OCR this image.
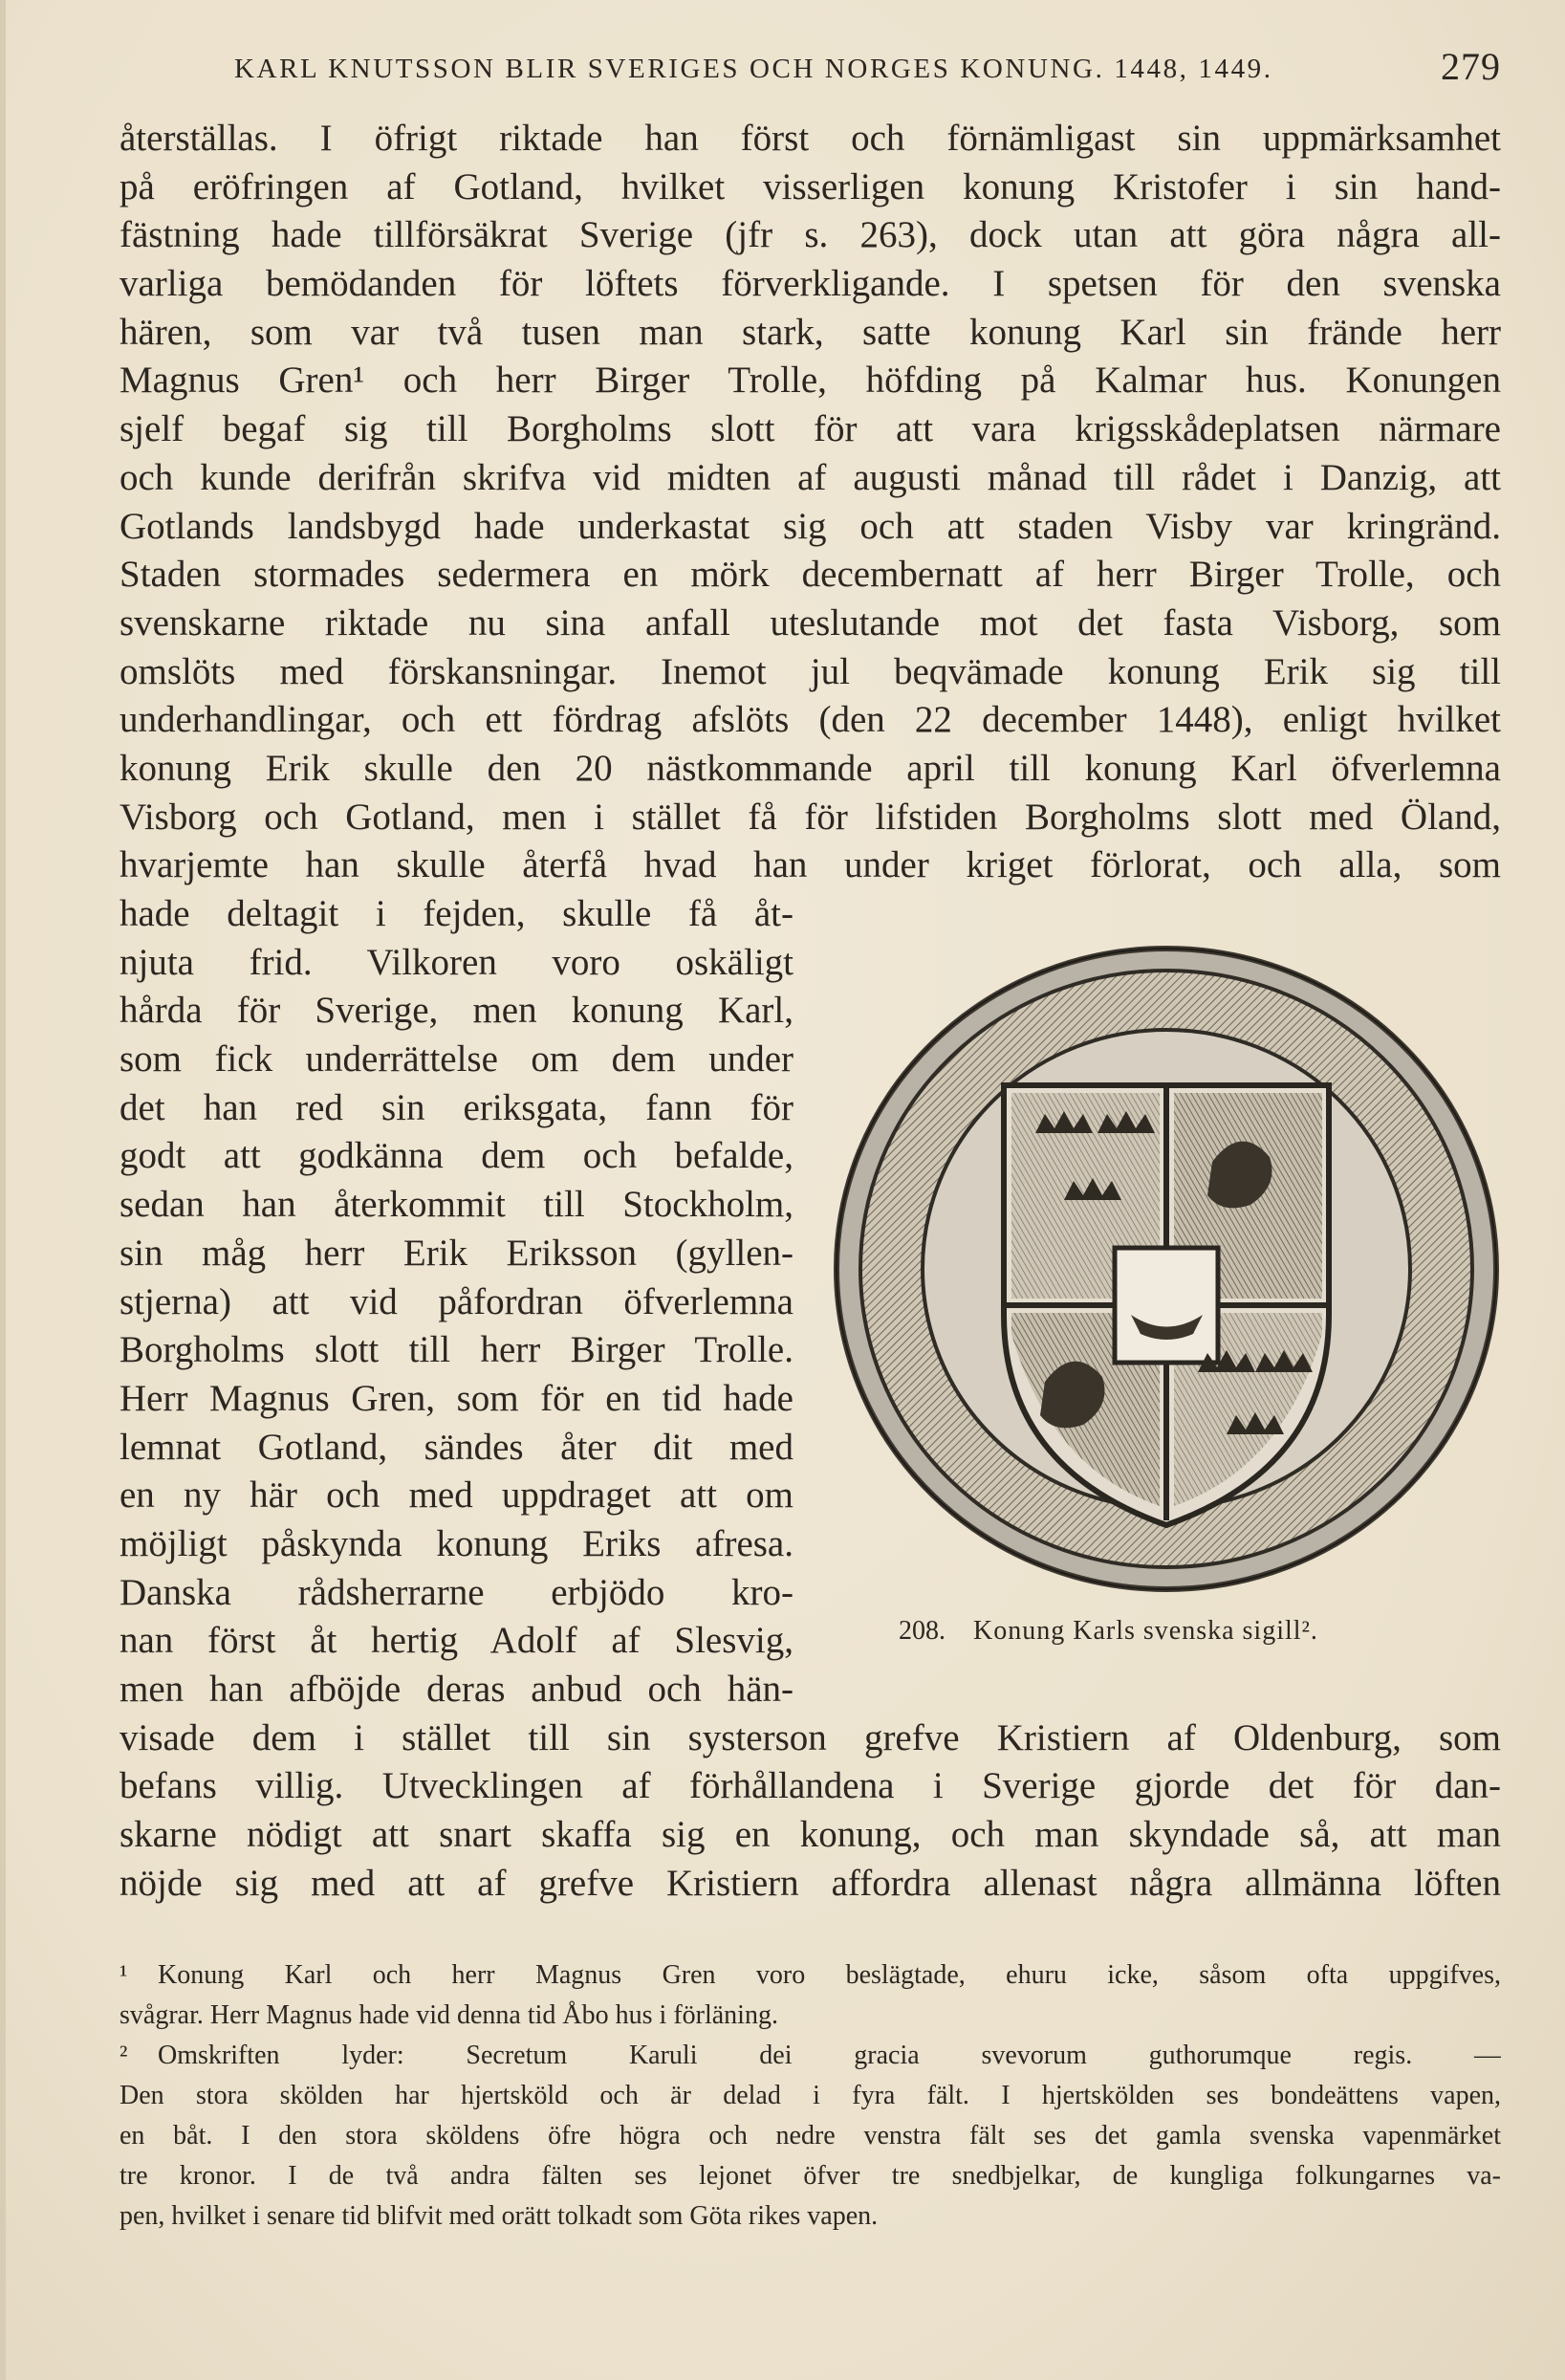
KARL KNUTSSON BLIR SVERIGES OCH NORGES KONUNG. 1448, 1449.	279
återställas. I öfrigt riktade han först och förnämligast sin uppmärksamhet
på eröfringen af Gotland, hvilket visserligen konung Kristofer i sin hand-
fästning hade tillförsäkrat Sverige (jfr s. 263), dock utan att göra några all-
varliga bemödanden för löftets förverkligande. I spetsen för den svenska
hären, som var två tusen man stark, satte konung Karl sin frände herr
Magnus Gren¹ och herr Birger Trolle, höfding på Kalmar hus. Konungen
sjelf begaf sig till Borgholms slott för att vara krigsskådeplatsen närmare
och kunde derifrån skrifva vid midten af augusti månad till rådet i Danzig, att
Gotlands landsbygd hade underkastat sig och att staden Visby var kringränd.
Staden stormades sedermera en mörk decembernatt af herr Birger Trolle, och
svenskarne riktade nu sina anfall uteslutande mot det fasta Visborg, som
omslöts med förskansningar. Inemot jul beqvämade konung Erik sig till
underhandlingar, och ett fördrag afslöts (den 22 december 1448), enligt hvilket
konung Erik skulle den 20 nästkommande april till konung Karl öfverlemna
Visborg och Gotland, men i stället få för lifstiden Borgholms slott med Öland,
hvarjemte han skulle återfå hvad han under kriget förlorat, och alla, som
hade deltagit i fejden, skulle få åt-
njuta frid. Vilkoren voro oskäligt
hårda för Sverige, men konung Karl,
som fick underrättelse om dem under
det han red sin eriksgata, fann för
godt att godkänna dem och befalde,
sedan han återkommit till Stockholm,
sin måg herr Erik Eriksson (gyllen-
stjerna) att vid påfordran öfverlemna
Borgholms slott till herr Birger Trolle.
Herr Magnus Gren, som för en tid hade
lemnat Gotland, sändes åter dit med
en ny här och med uppdraget att om
möjligt påskynda konung Eriks afresa.
Danska rådsherrarne erbjödo kro-
nan först åt hertig Adolf af Slesvig,
men han afböjde deras anbud och hän-
visade dem i stället till sin systerson grefve Kristiern af Oldenburg, som
befans villig. Utvecklingen af förhållandena i Sverige gjorde det för dan-
skarne nödigt att snart skaffa sig en konung, och man skyndade så, att man
nöjde sig med att af grefve Kristiern affordra allenast några allmänna löften
208. Konung Karls svenska sigill².
¹ Konung Karl och herr Magnus Gren voro beslägtade, ehuru icke, såsom ofta uppgifves,
svågrar. Herr Magnus hade vid denna tid Åbo hus i förläning.
² Omskriften lyder: Secretum Karuli dei gracia svevorum guthorumque regis. —
Den stora skölden har hjertsköld och är delad i fyra fält. I hjertskölden ses bondeättens vapen,
en båt. I den stora sköldens öfre högra och nedre venstra fält ses det gamla svenska vapenmärket
tre kronor. I de två andra fälten ses lejonet öfver tre snedbjelkar, de kungliga folkungarnes va-
pen, hvilket i senare tid blifvit med orätt tolkadt som Göta rikes vapen.
